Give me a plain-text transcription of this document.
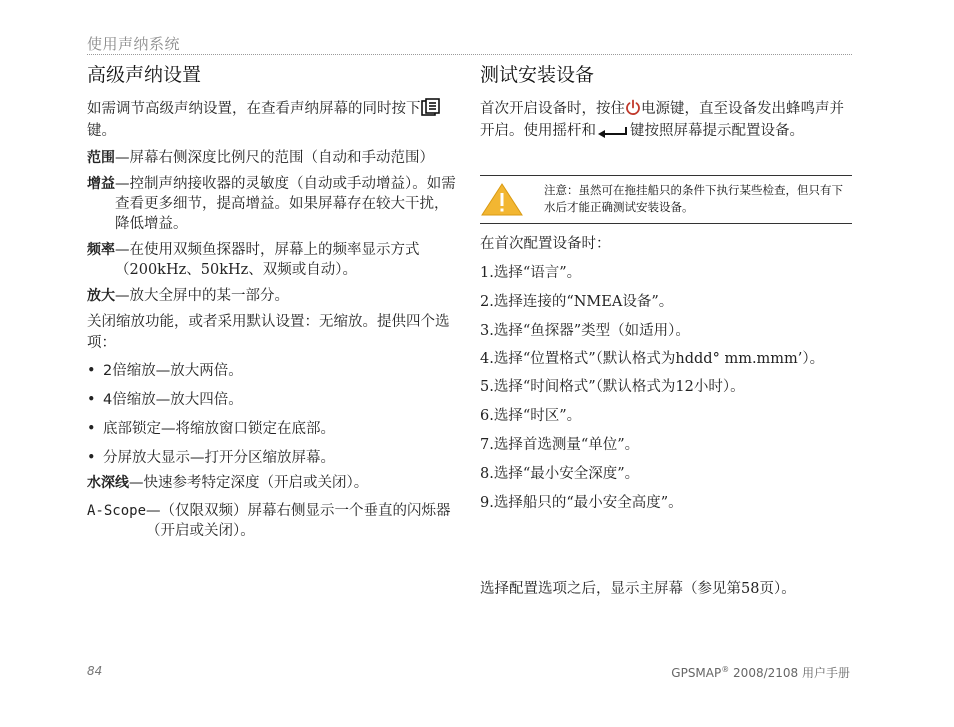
使用声纳系统
高级声纳设置

如需调节高级声纳设置，在查看声纳屏幕的同时按下键。

范围 —屏幕右侧深度比例尺的范围（自动和手动范围）
增益 —控制声纳接收器的灵敏度（自动或手动增益）。如需查看更多细节，提高增益。如果屏幕存在较大干扰，降低增益。
频率 —在使用双频鱼探器时，屏幕上的频率显示方式（200kHz、50kHz、双频或自动）。
放大 —放大全屏中的某一部分。

关闭缩放功能，或者采用默认设置：无缩放。提供四个选项：

• 2倍缩放—放大两倍。
• 4倍缩放—放大四倍。
• 底部锁定—将缩放窗口锁定在底部。
• 分屏放大显示—打开分区缩放屏幕。
水深线 —快速参考特定深度（开启或关闭）。
A-Scope —（仅限双频）屏幕右侧显示一个垂直的闪烁器（开启或关闭）。
测试安装设备

首次开启设备时，按住 电源键，直至设备发出蜂鸣声并开启。使用摇杆和 键按照屏幕提示配置设备。

注意：虽然可在拖挂船只的条件下执行某些检查，但只有下水后才能正确测试安装设备。

在首次配置设备时：

1.选择“语言”。
2.选择连接的“NMEA设备”。
3.选择“鱼探器”类型（如适用）。
4.选择“位置格式”（默认格式为hddd° mm.mmm’）。
5.选择“时间格式”（默认格式为12小时）。
6.选择“时区”。
7.选择首选测量“单位”。
8.选择“最小安全深度”。
9.选择船只的“最小安全高度”。

选择配置选项之后，显示主屏幕（参见第58页）。

84	GPSMAP® 2008/2108 用户手册
